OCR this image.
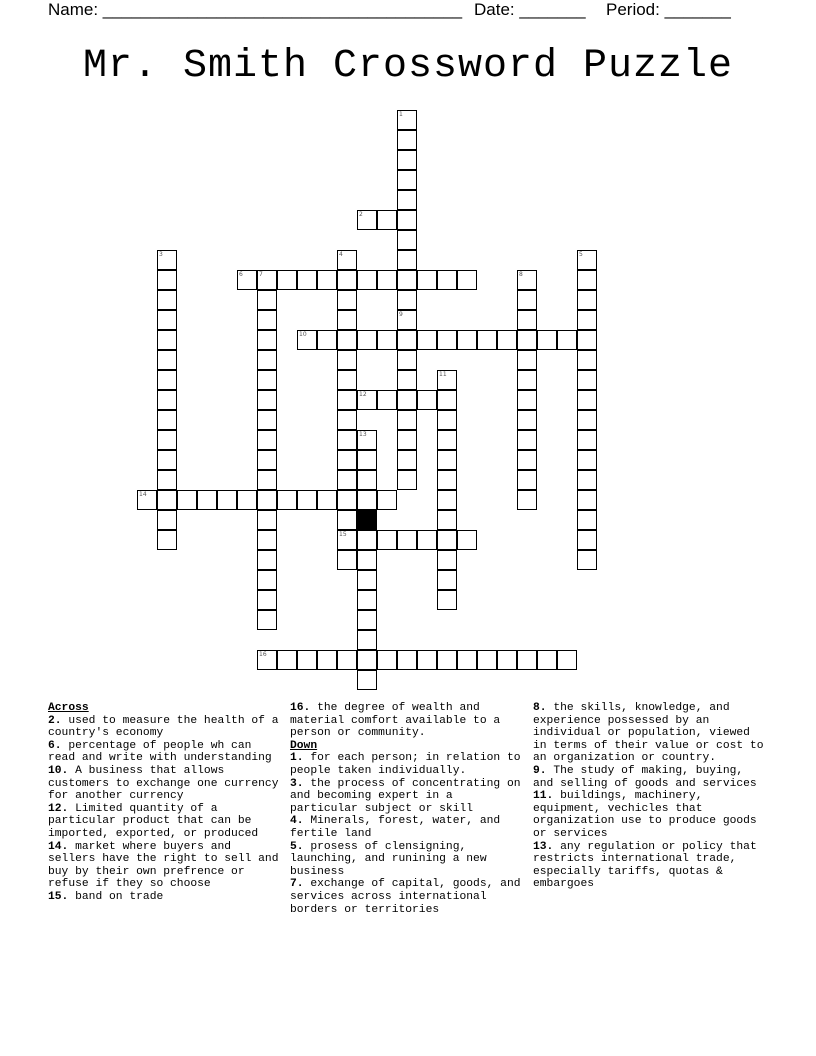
Name: ______________________________________ Date: _______ Period: _______
Mr. Smith Crossword Puzzle
1
2
3	4	5
6	7	8
9
10
11
12
13
14
15
16
Across

2. used to measure the health of a country's economy

6. percentage of people wh can read and write with understanding

10. A business that allows customers to exchange one currency for another currency

12. Limited quantity of a particular product that can be imported, exported, or produced

14. market where buyers and sellers have the right to sell and buy by their own prefrence or refuse if they so choose

15. band on trade

16. the degree of wealth and material comfort available to a person or community.

Down

1. for each person; in relation to people taken individually.

3. the process of concentrating on and becoming expert in a particular subject or skill

4. Minerals, forest, water, and fertile land

5. prosess of clensigning, launching, and runining a new business

7. exchange of capital, goods, and services across international borders or territories

8. the skills, knowledge, and experience possessed by an individual or population, viewed in terms of their value or cost to an organization or country.

9. The study of making, buying, and selling of goods and services

11. buildings, machinery, equipment, vechicles that organization use to produce goods or services

13. any regulation or policy that restricts international trade, especially tariffs, quotas & embargoes
